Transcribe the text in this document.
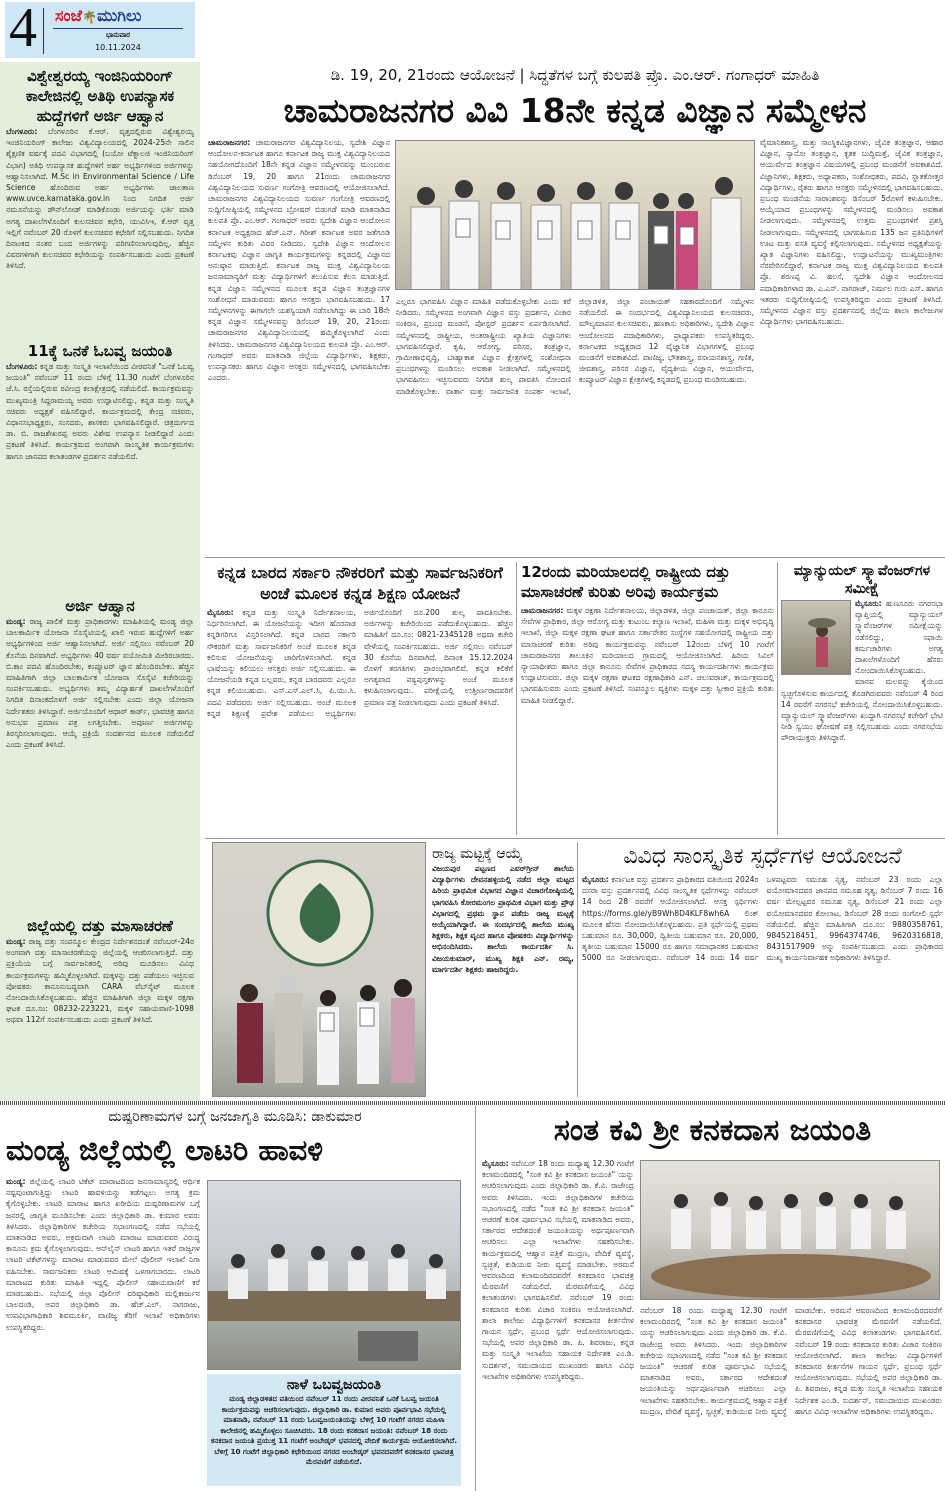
4 ಸಂಜೆ🌴ಮುಗಿಲು
ಭಾನುವಾರ
10.11.2024
ವಿಶ್ವೇಶ್ವರಯ್ಯ ಇಂಜಿನಿಯರಿಂಗ್ ಕಾಲೇಜಿನಲ್ಲಿ ಅತಿಥಿ ಉಪನ್ಯಾಸಕ ಹುದ್ದೆಗಳಿಗೆ ಅರ್ಜಿ ಆಹ್ವಾನ

ಬೆಂಗಳೂರು: ಬೆಂಗಳೂರಿನ ಕೆ.ಆರ್. ವೃತ್ತದಲ್ಲಿರುವ ವಿಶ್ವೇಶ್ವರಯ್ಯ ಇಂಜಿನಿಯರಿಂಗ್ ಕಾಲೇಜು ವಿಶ್ವವಿದ್ಯಾಲಯದಲ್ಲಿ 2024-25ನೇ ಸಾಲಿನ ಶೈಕ್ಷಣಿಕ ವರ್ಷಕ್ಕೆ ಪದವಿ ವಿಭಾಗದಲ್ಲಿ (ಬಯೋ ಟೆಕ್ನಾಲಜಿ ಇಂಜಿನಿಯರಿಂಗ್ ವಿಭಾಗ) ಅತಿಥಿ ಉಪನ್ಯಾಸಕ ಹುದ್ದೆಗಳಿಗೆ ಅರ್ಹ ಅಭ್ಯರ್ಥಿಗಳಿಂದ ಅರ್ಜಿಗಳನ್ನು ಆಹ್ವಾನಿಸಲಾಗಿದೆ. M.Sc in Environmental Science / Life Science ಹೊಂದಿರುವ ಅರ್ಹ ಅಭ್ಯರ್ಥಿಗಳು ಜಾಲತಾಣ www.uvce.karnataka.gov.in ನಿಂದ ನಿಗದಿತ ಅರ್ಜಿ ನಮೂನೆಯನ್ನು ಡೌನ್‍ಲೋಡ್ ಮಾಡಿಕೊಂಡು ಅರ್ಜಿಯನ್ನು ಭರ್ತಿ ಮಾಡಿ ಅಗತ್ಯ ದಾಖಲೆಗಳೊಂದಿಗೆ ಕುಲಸಚಿವರ ಕಛೇರಿ, ಯುವಿಸಿಇ, ಕೆ.ಆರ್ ವೃತ್ತ ಇಲ್ಲಿಗೆ ನವೆಂಬರ್ 20 ರೊಳಗೆ ಕುಲಸಚಿವರ ಕಛೇರಿಗೆ ಸಲ್ಲಿಸಬಹುದು. ನಿಗದಿತ ದಿನಾಂಕದ ನಂತರ ಬಂದ ಅರ್ಜಿಗಳನ್ನು ಪರಿಗಣಿಸಲಾಗುವುದಿಲ್ಲ. ಹೆಚ್ಚಿನ ವಿವರಗಳಿಗಾಗಿ ಕುಲಸಚಿವರ ಕಛೇರಿಯನ್ನು ಸಂಪರ್ಕಿಸಬಹುದು ಎಂದು ಪ್ರಕಟಣೆ ತಿಳಿಸಿದೆ.

11ಕ್ಕೆ ಒನಕೆ ಓಬವ್ವ ಜಯಂತಿ

ಬೆಂಗಳೂರು: ಕನ್ನಡ ಮತ್ತು ಸಂಸ್ಕೃತಿ ಇಲಾಖೆಯಿಂದ ವೀರವನಿತೆ "ಒನಕೆ ಓಬವ್ವ ಜಯಂತಿ" ನವೆಂಬರ್ 11 ರಂದು ಬೆಳಿಗ್ಗೆ 11.30 ಗಂಟೆಗೆ ಬೆಂಗಳೂರಿನ ಜೆ.ಸಿ. ರಸ್ತೆಯಲ್ಲಿರುವ ರವೀಂದ್ರ ಕಲಾಕ್ಷೇತ್ರದಲ್ಲಿ ನಡೆಯಲಿದೆ. ಕಾರ್ಯಕ್ರಮವನ್ನು ಮುಖ್ಯಮಂತ್ರಿ ಸಿದ್ದರಾಮಯ್ಯ ಅವರು ಉದ್ಘಾಟಿಸಲಿದ್ದು, ಕನ್ನಡ ಮತ್ತು ಸಂಸ್ಕೃತಿ ಸಚಿವರು ಅಧ್ಯಕ್ಷತೆ ವಹಿಸಲಿದ್ದಾರೆ. ಕಾರ್ಯಕ್ರಮದಲ್ಲಿ ಕೇಂದ್ರ ಸಚಿವರು, ವಿಧಾನಸಭಾಧ್ಯಕ್ಷರು, ಸಂಸದರು, ಶಾಸಕರು ಭಾಗವಹಿಸಲಿದ್ದಾರೆ. ಚಿತ್ರದುರ್ಗದ ಡಾ. ಬಿ. ರಾಜಶೇಖರಪ್ಪ ಅವರು ವಿಶೇಷ ಉಪನ್ಯಾಸ ನೀಡಲಿದ್ದಾರೆ ಎಂದು ಪ್ರಕಟಣೆ ತಿಳಿಸಿದೆ. ಕಾರ್ಯಕ್ರಮದ ಅಂಗವಾಗಿ ಸಾಂಸ್ಕೃತಿಕ ಕಾರ್ಯಕ್ರಮಗಳು ಹಾಗೂ ಜಾನಪದ ಕಲಾತಂಡಗಳ ಪ್ರದರ್ಶನ ನಡೆಯಲಿದೆ.

ಅರ್ಜಿ ಆಹ್ವಾನ

ಮಂಡ್ಯ: ರಾಜ್ಯ ಪಾಲಿಕೆ ಮತ್ತು ಪ್ರಾಧಿಕಾರಗಳು ಮಾಹಿತಿಯಲ್ಲಿ ಮಂಡ್ಯ ಜಿಲ್ಲಾ ಬಾಲಕಾರ್ಮಿಕ ಯೋಜನಾ ಸೊಸೈಟಿಯಲ್ಲಿ ಖಾಲಿ ಇರುವ ಹುದ್ದೆಗಳಿಗೆ ಅರ್ಹ ಅಭ್ಯರ್ಥಿಗಳಿಂದ ಅರ್ಜಿ ಆಹ್ವಾನಿಸಲಾಗಿದೆ. ಅರ್ಜಿ ಸಲ್ಲಿಸಲು ನವೆಂಬರ್ 20 ಕೊನೆಯ ದಿನವಾಗಿದೆ. ಅಭ್ಯರ್ಥಿಗಳು 40 ವರ್ಷ ವಯೋಮಿತಿ ಮೀರಿರಬಾರದು. ಬಿ.ಕಾಂ ಪದವಿ ಹೊಂದಿರಬೇಕು, ಕಂಪ್ಯೂಟರ್ ಜ್ಞಾನ ಹೊಂದಿರಬೇಕು. ಹೆಚ್ಚಿನ ಮಾಹಿತಿಗಾಗಿ ಜಿಲ್ಲಾ ಬಾಲಕಾರ್ಮಿಕ ಯೋಜನಾ ಸೊಸೈಟಿ ಕಚೇರಿಯನ್ನು ಸಂಪರ್ಕಿಸಬಹುದು. ಅಭ್ಯರ್ಥಿಗಳು ತಮ್ಮ ವಿದ್ಯಾರ್ಹತೆ ದಾಖಲೆಗಳೊಂದಿಗೆ ನಿಗದಿತ ದಿನಾಂಕದೊಳಗೆ ಅರ್ಜಿ ಸಲ್ಲಿಸಬೇಕು ಎಂದು ಜಿಲ್ಲಾ ಯೋಜನಾ ನಿರ್ದೇಶಕರು ತಿಳಿಸಿದ್ದಾರೆ. ಅರ್ಜಿಯೊಂದಿಗೆ ಆಧಾರ್ ಕಾರ್ಡ್, ಭಾವಚಿತ್ರ ಹಾಗೂ ಅನುಭವ ಪ್ರಮಾಣ ಪತ್ರ ಲಗತ್ತಿಸಬೇಕು. ಅಪೂರ್ಣ ಅರ್ಜಿಗಳನ್ನು ತಿರಸ್ಕರಿಸಲಾಗುವುದು. ಆಯ್ಕೆ ಪ್ರಕ್ರಿಯೆ ಸಂದರ್ಶನದ ಮೂಲಕ ನಡೆಯಲಿದೆ ಎಂದು ಪ್ರಕಟಣೆ ತಿಳಿಸಿದೆ.

ಜಿಲ್ಲೆಯಲ್ಲಿ ದತ್ತು ಮಾಸಾಚರಣೆ

ಮಂಡ್ಯ: ರಾಜ್ಯ ದತ್ತು ಸಂಪನ್ಮೂಲ ಕೇಂದ್ರದ ನಿರ್ದೇಶನದಂತೆ ನವೆಂಬರ್-24ರ ಅಂಗವಾಗಿ ದತ್ತು ಮಾಸಾಚರಣೆಯನ್ನು ಜಿಲ್ಲೆಯಲ್ಲಿ ಆಚರಿಸಲಾಗುತ್ತಿದೆ. ದತ್ತು ಪ್ರಕ್ರಿಯೆಯ ಬಗ್ಗೆ ಸಾರ್ವಜನಿಕರಲ್ಲಿ ಅರಿವು ಮೂಡಿಸಲು ವಿವಿಧ ಕಾರ್ಯಕ್ರಮಗಳನ್ನು ಹಮ್ಮಿಕೊಳ್ಳಲಾಗಿದೆ. ಮಕ್ಕಳನ್ನು ದತ್ತು ಪಡೆಯಲು ಇಚ್ಛಿಸುವ ಪೋಷಕರು ಕಾನೂನುಬದ್ಧವಾಗಿ CARA ವೆಬ್‍ಸೈಟ್ ಮೂಲಕ ನೋಂದಾಯಿಸಿಕೊಳ್ಳಬಹುದು. ಹೆಚ್ಚಿನ ಮಾಹಿತಿಗಾಗಿ ಜಿಲ್ಲಾ ಮಕ್ಕಳ ರಕ್ಷಣಾ ಘಟಕ ದೂ.ಸಂ: 08232-223221, ಮಕ್ಕಳ ಸಹಾಯವಾಣಿ-1098 ಅಥವಾ 112ಗೆ ಸಂಪರ್ಕಿಸಬಹುದು ಎಂದು ಪ್ರಕಟಣೆ ತಿಳಿಸಿದೆ.

ಡಿ. 19, 20, 21ರಂದು ಆಯೋಜನೆ | ಸಿದ್ಧತೆಗಳ ಬಗ್ಗೆ ಕುಲಪತಿ ಪ್ರೊ. ಎಂ.ಆರ್. ಗಂಗಾಧರ್ ಮಾಹಿತಿ
ಚಾಮರಾಜನಗರ ವಿವಿ 18ನೇ ಕನ್ನಡ ವಿಜ್ಞಾನ ಸಮ್ಮೇಳನ
ಚಾಮರಾಜನಗರ: ಚಾಮರಾಜನಗರ ವಿಶ್ವವಿದ್ಯಾನಿಲಯ, ಸ್ವದೇಶಿ ವಿಜ್ಞಾನ ಆಂದೋಲನ-ಕರ್ನಾಟಕ ಹಾಗೂ ಕರ್ನಾಟಕ ರಾಜ್ಯ ಮುಕ್ತ ವಿಶ್ವವಿದ್ಯಾನಿಲಯದ ಸಹಯೋಗದೊಂದಿಗೆ 18ನೇ ಕನ್ನಡ ವಿಜ್ಞಾನ ಸಮ್ಮೇಳನವನ್ನು ಮುಂಬರುವ ಡಿಸೆಂಬರ್ 19, 20 ಹಾಗೂ 21ರಂದು ಚಾಮರಾಜನಗರ ವಿಶ್ವವಿದ್ಯಾನಿಲಯದ ಸುವರ್ಣ ಗಂಗೋತ್ರಿ ಆವರಣದಲ್ಲಿ ಆಯೋಜಿಸಲಾಗಿದೆ. ಚಾಮರಾಜನಗರ ವಿಶ್ವವಿದ್ಯಾನಿಲಯದ ಸುವರ್ಣ ಗಂಗೋತ್ರಿ ಆವರಣದಲ್ಲಿ ಸುದ್ದಿಗೋಷ್ಠಿಯಲ್ಲಿ ಸಮ್ಮೇಳನದ ಬ್ರೋಷರ್ ಬಿಡುಗಡೆ ಮಾಡಿ ಮಾತನಾಡಿದ ಕುಲಪತಿ ಪ್ರೊ. ಎಂ.ಆರ್. ಗಂಗಾಧರ್ ಅವರು ಸ್ವದೇಶಿ ವಿಜ್ಞಾನ ಆಂದೋಲನ ಕರ್ನಾಟಕ ಅಧ್ಯಕ್ಷರಾದ ಹೆಚ್.ಎನ್. ಗಿರೀಶ್ ಕರ್ನಾಟಕ ಅವರ ಜತೆಗೂಡಿ ಸಮ್ಮೇಳನ ಕುರಿತು ವಿವರ ನೀಡಿದರು. ಸ್ವದೇಶಿ ವಿಜ್ಞಾನ ಆಂದೋಲನ ಕರ್ನಾಟಕವು ವಿಜ್ಞಾನ ಜಾಗೃತಿ ಕಾರ್ಯಕ್ರಮಗಳನ್ನು ಕನ್ನಡದಲ್ಲಿ ವಿಜ್ಞಾನದ ಅನುಷ್ಠಾನ ಮಾಡುತ್ತಿದೆ. ಕರ್ನಾಟಕ ರಾಜ್ಯ ಮುಕ್ತ ವಿಶ್ವವಿದ್ಯಾನಿಲಯ ಜನಸಾಮಾನ್ಯರಿಗೆ ಮತ್ತು ವಿದ್ಯಾರ್ಥಿಗಳಿಗೆ ತಲುಪಿಸುವ ಕೆಲಸ ಮಾಡುತ್ತಿದೆ. ಕನ್ನಡ ವಿಜ್ಞಾನ ಸಮ್ಮೇಳನದ ಮೂಲಕ ಕನ್ನಡ ವಿಜ್ಞಾನ ತಂತ್ರಜ್ಞಾನಗಳ ಸಂಶೋಧನೆ ಮಾಡುವವರು ಹಾಗೂ ಆಸಕ್ತರು ಭಾಗವಹಿಸಬಹುದು. 17 ಸಮ್ಮೇಳನಗಳನ್ನು ಈಗಾಗಲೇ ಯಶಸ್ವಿಯಾಗಿ ನಡೆಸಲಾಗಿದ್ದು ಈ ಬಾರಿ 18ನೇ ಕನ್ನಡ ವಿಜ್ಞಾನ ಸಮ್ಮೇಳನವನ್ನು ಡಿಸೆಂಬರ್ 19, 20, 21ರಂದು ಚಾಮರಾಜನಗರ ವಿಶ್ವವಿದ್ಯಾನಿಲಯದಲ್ಲಿ ಹಮ್ಮಿಕೊಳ್ಳಲಾಗಿದೆ ಎಂದು ತಿಳಿಸಿದರು. ಚಾಮರಾಜನಗರ ವಿಶ್ವವಿದ್ಯಾನಿಲಯದ ಕುಲಪತಿ ಪ್ರೊ. ಎಂ.ಆರ್. ಗಂಗಾಧರ್ ಅವರು ಮಾತನಾಡಿ ಜಿಲ್ಲೆಯ ವಿದ್ಯಾರ್ಥಿಗಳು, ಶಿಕ್ಷಕರು, ಉಪನ್ಯಾಸಕರು ಹಾಗೂ ವಿಜ್ಞಾನ ಆಸಕ್ತರು ಸಮ್ಮೇಳನದಲ್ಲಿ ಭಾಗವಹಿಸಬೇಕು ಎಂದರು.
ಎಲ್ಲರೂ ಭಾಗವಹಿಸಿ ವಿಜ್ಞಾನ ಮಾಹಿತಿ ಪಡೆದುಕೊಳ್ಳಬೇಕು ಎಂದು ಕರೆ ನೀಡಿದರು. ಸಮ್ಮೇಳನದ ಅಂಗವಾಗಿ ವಿಜ್ಞಾನ ವಸ್ತು ಪ್ರದರ್ಶನ, ವಿಚಾರ ಸಂಕಿರಣ, ಪ್ರಬಂಧ ಮಂಡನೆ, ಪೋಸ್ಟರ್ ಪ್ರದರ್ಶನ ಏರ್ಪಡಿಸಲಾಗಿದೆ. ಸಮ್ಮೇಳನದಲ್ಲಿ ರಾಷ್ಟ್ರೀಯ, ಅಂತರಾಷ್ಟ್ರೀಯ ಖ್ಯಾತಿಯ ವಿಜ್ಞಾನಿಗಳು ಭಾಗವಹಿಸಲಿದ್ದಾರೆ. ಕೃಷಿ, ಆರೋಗ್ಯ, ಪರಿಸರ, ತಂತ್ರಜ್ಞಾನ, ಗ್ರಾಮೀಣಾಭಿವೃದ್ಧಿ, ಬಾಹ್ಯಾಕಾಶ ವಿಜ್ಞಾನ ಕ್ಷೇತ್ರಗಳಲ್ಲಿ ಸಂಶೋಧನಾ ಪ್ರಬಂಧಗಳನ್ನು ಮಂಡಿಸಲು ಅವಕಾಶ ನೀಡಲಾಗಿದೆ. ಸಮ್ಮೇಳನದಲ್ಲಿ ಭಾಗವಹಿಸಲು ಇಚ್ಛಿಸುವವರು ನಿಗದಿತ ಶುಲ್ಕ ಪಾವತಿಸಿ ನೋಂದಣಿ ಮಾಡಿಕೊಳ್ಳಬೇಕು. ವಾರ್ತಾ ಮತ್ತು ಸಾರ್ವಜನಿಕ ಸಂಪರ್ಕ ಇಲಾಖೆ, ಜಿಲ್ಲಾಡಳಿತ, ಜಿಲ್ಲಾ ಪಂಚಾಯತ್ ಸಹಕಾರದೊಂದಿಗೆ ಸಮ್ಮೇಳನ ನಡೆಯಲಿದೆ. ಈ ಸಂದರ್ಭದಲ್ಲಿ ವಿಶ್ವವಿದ್ಯಾನಿಲಯದ ಕುಲಸಚಿವರು, ಮೌಲ್ಯಮಾಪನ ಕುಲಸಚಿವರು, ಹಣಕಾಸು ಅಧಿಕಾರಿಗಳು, ಸ್ವದೇಶಿ ವಿಜ್ಞಾನ ಆಂದೋಲನದ ಪದಾಧಿಕಾರಿಗಳು, ಪ್ರಾಧ್ಯಾಪಕರು ಉಪಸ್ಥಿತರಿದ್ದರು. ಕರ್ನಾಟಕದ ಅಧ್ಯಕ್ಷರಾದ 12 ವೈಜ್ಞಾನಿಕ ವಿಭಾಗಗಳಲ್ಲಿ ಪ್ರಬಂಧ ಮಂಡನೆಗೆ ಅವಕಾಶವಿದೆ. ವಾಣಿಜ್ಯ, ಭೌತಶಾಸ್ತ್ರ, ರಸಾಯನಶಾಸ್ತ್ರ, ಗಣಿತ, ಜೀವಶಾಸ್ತ್ರ, ಪರಿಸರ ವಿಜ್ಞಾನ, ವೈದ್ಯಕೀಯ ವಿಜ್ಞಾನ, ಆಯುರ್ವೇದ, ಕಂಪ್ಯೂಟರ್ ವಿಜ್ಞಾನ ಕ್ಷೇತ್ರಗಳಲ್ಲಿ ಕನ್ನಡದಲ್ಲಿ ಪ್ರಬಂಧ ಮಂಡಿಸಬಹುದು.
ವೈಮಾನಿಕಶಾಸ್ತ್ರ, ಮತ್ತು ಸಾಂಸ್ಥಿಕವಿಜ್ಞಾನಗಳು, ಜೈವಿಕ ತಂತ್ರಜ್ಞಾನ, ಆಹಾರ ವಿಜ್ಞಾನ, ನ್ಯಾನೋ ತಂತ್ರಜ್ಞಾನ, ಕೃತಕ ಬುದ್ಧಿಮತ್ತೆ, ಜೈವಿಕ ತಂತ್ರಜ್ಞಾನ, ಆಯುರ್ವೇದ ತಂತ್ರಜ್ಞಾನ ವಿಷಯಗಳಲ್ಲಿ ಪ್ರಬಂಧ ಮಂಡನೆಗೆ ಅವಕಾಶವಿದೆ. ವಿಜ್ಞಾನಿಗಳು, ಶಿಕ್ಷಕರು, ಅಧ್ಯಾಪಕರು, ಸಂಶೋಧಕರು, ಪದವಿ, ಸ್ನಾತಕೋತ್ತರ ವಿದ್ಯಾರ್ಥಿಗಳು, ರೈತರು ಹಾಗೂ ಆಸಕ್ತರು ಸಮ್ಮೇಳನದಲ್ಲಿ ಭಾಗವಹಿಸಬಹುದು. ಪ್ರಬಂಧ ಮಂಡನೆಯ ಸಾರಾಂಶವನ್ನು ಡಿಸೆಂಬರ್ 5ರೊಳಗೆ ಕಳುಹಿಸಬೇಕು. ಆಯ್ಕೆಯಾದ ಪ್ರಬಂಧಗಳನ್ನು ಸಮ್ಮೇಳನದಲ್ಲಿ ಮಂಡಿಸಲು ಅವಕಾಶ ನೀಡಲಾಗುವುದು. ಸಮ್ಮೇಳನದಲ್ಲಿ ಉತ್ತಮ ಪ್ರಬಂಧಗಳಿಗೆ ಪ್ರಶಸ್ತಿ ನೀಡಲಾಗುವುದು. ಸಮ್ಮೇಳನದಲ್ಲಿ ಭಾಗವಹಿಸುವ 135 ಜನ ಪ್ರತಿನಿಧಿಗಳಿಗೆ ಊಟ ಮತ್ತು ವಸತಿ ವ್ಯವಸ್ಥೆ ಕಲ್ಪಿಸಲಾಗುವುದು. ಸಮ್ಮೇಳನದ ಅಧ್ಯಕ್ಷತೆಯನ್ನು ಖ್ಯಾತ ವಿಜ್ಞಾನಿಗಳು ವಹಿಸಲಿದ್ದು, ಉದ್ಘಾಟನೆಯನ್ನು ಮುಖ್ಯಮಂತ್ರಿಗಳು ನೆರವೇರಿಸಲಿದ್ದಾರೆ. ಕರ್ನಾಟಕ ರಾಜ್ಯ ಮುಕ್ತ ವಿಶ್ವವಿದ್ಯಾನಿಲಯದ ಕುಲಪತಿ ಪ್ರೊ. ಶರಣಪ್ಪ ವಿ. ಹಲಸೆ, ಸ್ವದೇಶಿ ವಿಜ್ಞಾನ ಆಂದೋಲನದ ಪದಾಧಿಕಾರಿಗಳಾದ ಡಾ. ಎ.ಎಸ್. ನಾಗರಾಜ್, ನಿರ್ಮಲ ಗುರು ಎಸ್. ಹಾಗೂ ಇತರರು ಸುದ್ದಿಗೋಷ್ಠಿಯಲ್ಲಿ ಉಪಸ್ಥಿತರಿದ್ದರು ಎಂದು ಪ್ರಕಟಣೆ ತಿಳಿಸಿದೆ. ಸಮ್ಮೇಳನದ ವಿಜ್ಞಾನ ವಸ್ತು ಪ್ರದರ್ಶನದಲ್ಲಿ ಜಿಲ್ಲೆಯ ಶಾಲಾ ಕಾಲೇಜುಗಳ ವಿದ್ಯಾರ್ಥಿಗಳು ಭಾಗವಹಿಸಬಹುದು.
ಕನ್ನಡ ಬಾರದ ಸರ್ಕಾರಿ ನೌಕರರಿಗೆ ಮತ್ತು ಸಾರ್ವಜನಿಕರಿಗೆ ಅಂಚೆ ಮೂಲಕ ಕನ್ನಡ ಶಿಕ್ಷಣ ಯೋಜನೆ

ಮೈಸೂರು: ಕನ್ನಡ ಮತ್ತು ಸಂಸ್ಕೃತಿ ನಿರ್ದೇಶನಾಲಯ, ನಿರ್ಧರಿಸಲಾಗಿದೆ. ಈ ಯೋಜನೆಯನ್ನು ಇದೀಗ ಹೊರನಾಡ ಕನ್ನಡಿಗರಿಗೂ ವಿಸ್ತರಿಸಲಾಗಿದೆ. ಕನ್ನಡ ಬಾರದ ಸರ್ಕಾರಿ ನೌಕರರಿಗೆ ಮತ್ತು ಸಾರ್ವಜನಿಕರಿಗೆ ಅಂಚೆ ಮೂಲಕ ಕನ್ನಡ ಕಲಿಸುವ ಯೋಜನೆಯನ್ನು ಜಾರಿಗೊಳಿಸಲಾಗಿದೆ. ಕನ್ನಡ ಭಾಷೆಯನ್ನು ಕಲಿಯಲು ಆಸಕ್ತರು ಅರ್ಜಿ ಸಲ್ಲಿಸಬಹುದು. ಈ ಯೋಜನೆಯಡಿ ಕನ್ನಡ ಬಲ್ಲವರು, ಕನ್ನಡ ಬಾರದವರು ಎಲ್ಲರೂ ಕನ್ನಡ ಕಲಿಯಬಹುದು. ಎಸ್.ಎಸ್.ಎಲ್.ಸಿ, ಪಿ.ಯು.ಸಿ. ಪದವಿ ಪಡೆದವರು ಅರ್ಜಿ ಸಲ್ಲಿಸಬಹುದು. ಅಂಚೆ ಮೂಲಕ ಕನ್ನಡ ಶಿಕ್ಷಣಕ್ಕೆ ಪ್ರವೇಶ ಪಡೆಯಲು ಅಭ್ಯರ್ಥಿಗಳು ಅರ್ಜಿಯೊಂದಿಗೆ ರೂ.200 ಶುಲ್ಕ ಪಾವತಿಸಬೇಕು. ಅರ್ಜಿಗಳನ್ನು ಕಚೇರಿಯಿಂದ ಪಡೆದುಕೊಳ್ಳಬಹುದು. ಹೆಚ್ಚಿನ ಮಾಹಿತಿಗೆ ದೂ.ಸಂ: 0821-2345128 ಅಥವಾ ಕಚೇರಿ ವೇಳೆಯಲ್ಲಿ ಸಂಪರ್ಕಿಸಬಹುದು. ಅರ್ಜಿ ಸಲ್ಲಿಸಲು ನವೆಂಬರ್ 30 ಕೊನೆಯ ದಿನವಾಗಿದೆ. ದಿನಾಂಕ 15.12.2024 ರೊಳಗೆ ತರಗತಿಗಳು ಪ್ರಾರಂಭವಾಗಲಿವೆ. ಕನ್ನಡ ಕಲಿಕೆಗೆ ಅಗತ್ಯವಾದ ಪಠ್ಯಪುಸ್ತಕಗಳನ್ನು ಅಂಚೆ ಮೂಲಕ ಕಳುಹಿಸಲಾಗುವುದು. ಪರೀಕ್ಷೆಯಲ್ಲಿ ಉತ್ತೀರ್ಣರಾದವರಿಗೆ ಪ್ರಮಾಣ ಪತ್ರ ನೀಡಲಾಗುವುದು ಎಂದು ಪ್ರಕಟಣೆ ತಿಳಿಸಿದೆ.

12ರಂದು ಮರಿಯಾಲದಲ್ಲಿ ರಾಷ್ಟ್ರೀಯ ದತ್ತು ಮಾಸಾಚರಣೆ ಕುರಿತು ಅರಿವು ಕಾರ್ಯಕ್ರಮ

ಚಾಮರಾಜನಗರ: ಮಕ್ಕಳ ರಕ್ಷಣಾ ನಿರ್ದೇಶನಾಲಯ, ಜಿಲ್ಲಾಡಳಿತ, ಜಿಲ್ಲಾ ಪಂಚಾಯತ್, ಜಿಲ್ಲಾ ಕಾನೂನು ಸೇವೆಗಳ ಪ್ರಾಧಿಕಾರ, ಜಿಲ್ಲಾ ಆರೋಗ್ಯ ಮತ್ತು ಕುಟುಂಬ ಕಲ್ಯಾಣ ಇಲಾಖೆ, ಮಹಿಳಾ ಮತ್ತು ಮಕ್ಕಳ ಅಭಿವೃದ್ಧಿ ಇಲಾಖೆ, ಜಿಲ್ಲಾ ಮಕ್ಕಳ ರಕ್ಷಣಾ ಘಟಕ ಹಾಗೂ ಸರ್ಕಾರೇತರ ಸಂಸ್ಥೆಗಳ ಸಹಯೋಗದಲ್ಲಿ ರಾಷ್ಟ್ರೀಯ ದತ್ತು ಮಾಸಾಚರಣೆ ಕುರಿತು ಅರಿವು ಕಾರ್ಯಕ್ರಮವನ್ನು ನವೆಂಬರ್ 12ರಂದು ಬೆಳಿಗ್ಗೆ 10 ಗಂಟೆಗೆ ಚಾಮರಾಜನಗರ ತಾಲೂಕಿನ ಮರಿಯಾಲದ ಗ್ರಾಮದಲ್ಲಿ ಆಯೋಜಿಸಲಾಗಿದೆ. ಹಿರಿಯ ಸಿವಿಲ್ ನ್ಯಾಯಾಧೀಶರು ಹಾಗೂ ಜಿಲ್ಲಾ ಕಾನೂನು ಸೇವೆಗಳ ಪ್ರಾಧಿಕಾರದ ಸದಸ್ಯ ಕಾರ್ಯದರ್ಶಿಗಳು ಕಾರ್ಯಕ್ರಮ ಉದ್ಘಾಟಿಸುವರು. ಜಿಲ್ಲಾ ಮಕ್ಕಳ ರಕ್ಷಣಾ ಘಟಕದ ರಕ್ಷಣಾಧಿಕಾರಿ ಎನ್. ಚಲುವರಾಜ್, ಕಾರ್ಯಕ್ರಮದಲ್ಲಿ ಭಾಗವಹಿಸುವರು ಎಂದು ಪ್ರಕಟಣೆ ತಿಳಿಸಿದೆ. ಸಂಪನ್ಮೂಲ ವ್ಯಕ್ತಿಗಳು ಮಕ್ಕಳ ದತ್ತು ಸ್ವೀಕಾರ ಪ್ರಕ್ರಿಯೆ ಕುರಿತು ಮಾಹಿತಿ ನೀಡಲಿದ್ದಾರೆ.

ಮ್ಯಾನ್ಯುಯಲ್ ಸ್ಕ್ಯಾವೆಂಜರ್‌ಗಳ ಸಮೀಕ್ಷೆ

ಮೈಸೂರು: ಹುಣಸೂರು ನಗರಸಭಾ ವ್ಯಾಪ್ತಿಯಲ್ಲಿ ಮ್ಯಾನ್ಯುಯಲ್ ಸ್ಕ್ಯಾವೆಂಜರ್‌ಗಳ ಸಮೀಕ್ಷೆಯನ್ನು ನಡೆಸಲಿದ್ದು, ಸಫಾಯಿ ಕರ್ಮಚಾರಿಗಳು ಅಗತ್ಯ ದಾಖಲೆಗಳೊಂದಿಗೆ ಹೆಸರು ನೋಂದಾಯಿಸಿಕೊಳ್ಳಬಹುದು. ಮಾನವ ಮಲವನ್ನು ಕೈಯಿಂದ ಸ್ವಚ್ಛಗೊಳಿಸುವ ಕಾರ್ಯದಲ್ಲಿ ತೊಡಗಿರುವವರು ನವೆಂಬರ್ 4 ರಿಂದ 14 ರವರೆಗೆ ನಗರಸಭೆ ಕಚೇರಿಯಲ್ಲಿ ನೋಂದಾಯಿಸಿಕೊಳ್ಳಬಹುದು. ಮ್ಯಾನ್ಯುಯಲ್ ಸ್ಕ್ಯಾವೆಂಜರ್‌ಗಳು ಖುದ್ದಾಗಿ ನಗರಸಭೆ ಕಚೇರಿಗೆ ಭೇಟಿ ನೀಡಿ ಸ್ವಯಂ ಘೋಷಣೆ ಪತ್ರ ಸಲ್ಲಿಸಬಹುದು ಎಂದು ನಗರಸಭೆಯ ಪೌರಾಯುಕ್ತರು ತಿಳಿಸಿದ್ದಾರೆ.

ರಾಜ್ಯ ಮಟ್ಟಕ್ಕೆ ಆಯ್ಕೆ

ವಿಜಯಪುರ ಪಟ್ಟಣದ ಎವರ್‌ಗ್ರೀನ್ ಶಾಲೆಯ ವಿದ್ಯಾರ್ಥಿಗಳು ದೇವನಹಳ್ಳಿಯಲ್ಲಿ ನಡೆದ ಜಿಲ್ಲಾ ಮಟ್ಟದ ಹಿರಿಯ ಪ್ರಾಥಮಿಕ ವಿಭಾಗದ ವಿಜ್ಞಾನ ವಿಚಾರಗೋಷ್ಠಿಯಲ್ಲಿ ಭಾಗವಹಿಸಿ ಕೋರಮಂಗಲ ಪ್ರಾಥಮಿಕ ವಿಭಾಗ ಮತ್ತು ಪ್ರೌಢ ವಿಭಾಗದಲ್ಲಿ ಪ್ರಥಮ ಸ್ಥಾನ ಪಡೆದು ರಾಜ್ಯ ಮಟ್ಟಕ್ಕೆ ಆಯ್ಕೆಯಾಗಿದ್ದಾರೆ. ಈ ಸಂದರ್ಭದಲ್ಲಿ ಶಾಲೆಯ ಮುಖ್ಯ ಶಿಕ್ಷಕರು, ಶಿಕ್ಷಕ ವೃಂದ ಹಾಗೂ ಪೋಷಕರು ವಿದ್ಯಾರ್ಥಿಗಳನ್ನು ಅಭಿನಂದಿಸಿದರು. ಶಾಲೆಯ ಕಾರ್ಯದರ್ಶಿ ಸಿ. ವಿಜಯಕುಮಾರ್, ಮುಖ್ಯ ಶಿಕ್ಷಕಿ ಎನ್. ರಮ್ಯ, ಮಾರ್ಗದರ್ಶಿ ಶಿಕ್ಷಕರು ಹಾಜರಿದ್ದರು.

ವಿವಿಧ ಸಾಂಸ್ಕೃತಿಕ ಸ್ಪರ್ಧೆಗಳ ಆಯೋಜನೆ

ಮೈಸೂರು: ಕರ್ನಾಟಕ ವಸ್ತು ಪ್ರದರ್ಶನ ಪ್ರಾಧಿಕಾರದ ವತಿಯಿಂದ 2024ರ ದಸರಾ ವಸ್ತು ಪ್ರದರ್ಶನದಲ್ಲಿ ವಿವಿಧ ಸಾಂಸ್ಕೃತಿಕ ಸ್ಪರ್ಧೆಗಳನ್ನು ನವೆಂಬರ್ 14 ರಿಂದ 28 ರವರೆಗೆ ಆಯೋಜಿಸಲಾಗಿದೆ. ಆಸಕ್ತ ಸ್ಪರ್ಧಿಗಳು https://forms.gle/yB9Wh8D4KLF8wh6A ಲಿಂಕ್ ಮೂಲಕ ಹೆಸರು ನೋಂದಾಯಿಸಿಕೊಳ್ಳಬಹುದು. ಪ್ರತಿ ಸ್ಪರ್ಧೆಯಲ್ಲಿ ಪ್ರಥಮ ಬಹುಮಾನ ರೂ. 30,000, ದ್ವಿತೀಯ ಬಹುಮಾನ ರೂ. 20,000, ತೃತೀಯ ಬಹುಮಾನ 15000 ರೂ ಹಾಗೂ ಸಮಾಧಾನಕರ ಬಹುಮಾನ 5000 ರೂ ನೀಡಲಾಗುವುದು. ನವೆಂಬರ್ 14 ರಂದು 14 ವರ್ಷ ಒಳಪಟ್ಟವರು ಸಮೂಹ ನೃತ್ಯ, ನವೆಂಬರ್ 23 ರಂದು ಎಲ್ಲಾ ವಯೋಮಾನದವರ ಜಾನಪದ ಸಮೂಹ ನೃತ್ಯ, ಡಿಸೆಂಬರ್ 7 ರಂದು 16 ವರ್ಷ ಮೇಲ್ಪಟ್ಟವರ ಸಮೂಹ ನೃತ್ಯ, ಡಿಸೆಂಬರ್ 21 ರಂದು ಎಲ್ಲಾ ವಯೋಮಾನದವರ ಕೋಲಾಟ, ಡಿಸೆಂಬರ್ 28 ರಂದು ರಂಗೋಲಿ ಸ್ಪರ್ಧೆ ನಡೆಯಲಿದೆ. ಹೆಚ್ಚಿನ ಮಾಹಿತಿಗಾಗಿ ದೂ.ಸಂ: 9880358761, 9845218451, 9964374746, 9620316818, 8431517909 ಅನ್ನು ಸಂಪರ್ಕಿಸಬಹುದು ಎಂದು ಪ್ರಾಧಿಕಾರದ ಮುಖ್ಯ ಕಾರ್ಯನಿರ್ವಾಹಕ ಅಧಿಕಾರಿಗಳು ತಿಳಿಸಿದ್ದಾರೆ.

ದುಷ್ಪರಿಣಾಮಗಳ ಬಗ್ಗೆ ಜನಜಾಗೃತಿ ಮೂಡಿಸಿ: ಡಾಕುಮಾರ
ಮಂಡ್ಯ ಜಿಲ್ಲೆಯಲ್ಲಿ ಲಾಟರಿ ಹಾವಳಿ
ಮಂಡ್ಯ: ಜಿಲ್ಲೆಯಲ್ಲಿ ಲಾಟರಿ ಟಿಕೆಟ್ ಮಾರಾಟದಿಂದ ಜನಸಾಮಾನ್ಯರಲ್ಲಿ ಆರ್ಥಿಕ ನಷ್ಟವುಂಟಾಗುತ್ತಿದ್ದು ಲಾಟರಿ ಹಾವಳಿಯನ್ನು ತಡೆಗಟ್ಟಲು ಅಗತ್ಯ ಕ್ರಮ ಕೈಗೊಳ್ಳಬೇಕು. ಲಾಟರಿ ಮಾರಾಟ ಹಾಗೂ ಖರೀದಿಯ ದುಷ್ಪರಿಣಾಮಗಳ ಬಗ್ಗೆ ಜನರಲ್ಲಿ ಜಾಗೃತಿ ಮೂಡಿಸಬೇಕು ಎಂದು ಜಿಲ್ಲಾಧಿಕಾರಿ ಡಾ. ಕುಮಾರ ಅವರು ತಿಳಿಸಿದರು. ಜಿಲ್ಲಾಧಿಕಾರಿಗಳ ಕಚೇರಿಯ ಸಭಾಂಗಣದಲ್ಲಿ ನಡೆದ ಸಭೆಯಲ್ಲಿ ಮಾತನಾಡಿದ ಅವರು, ಅಕ್ರಮವಾಗಿ ಲಾಟರಿ ಮಾರಾಟ ಮಾಡುವವರ ವಿರುದ್ಧ ಕಾನೂನು ಕ್ರಮ ಕೈಗೊಳ್ಳಲಾಗುವುದು. ಆನ್‍ಲೈನ್ ಲಾಟರಿ ಹಾಗೂ ಇತರೆ ರಾಜ್ಯಗಳ ಲಾಟರಿ ಟಿಕೆಟ್‍ಗಳನ್ನು ಮಾರಾಟ ಮಾಡುವವರ ಮೇಲೆ ಪೊಲೀಸ್ ಇಲಾಖೆ ನಿಗಾ ವಹಿಸಬೇಕು. ಸಾರ್ವಜನಿಕರು ಲಾಟರಿ ಆಮಿಷಕ್ಕೆ ಒಳಗಾಗಬಾರದು. ಲಾಟರಿ ಮಾರಾಟದ ಕುರಿತು ಮಾಹಿತಿ ಇದ್ದಲ್ಲಿ ಪೊಲೀಸ್ ಸಹಾಯವಾಣಿಗೆ ಕರೆ ಮಾಡಬಹುದು. ಸಭೆಯಲ್ಲಿ ಜಿಲ್ಲಾ ಪೊಲೀಸ್ ವರಿಷ್ಠಾಧಿಕಾರಿ ಮಲ್ಲಿಕಾರ್ಜುನ ಬಾಲದಂಡಿ, ಅಪರ ಜಿಲ್ಲಾಧಿಕಾರಿ ಡಾ. ಹೆಚ್.ಎಲ್. ನಾಗರಾಜು, ಉಪವಿಭಾಗಾಧಿಕಾರಿ ಶಿವಮೂರ್ತಿ, ವಾಣಿಜ್ಯ ತೆರಿಗೆ ಇಲಾಖೆ ಅಧಿಕಾರಿಗಳು ಉಪಸ್ಥಿತರಿದ್ದರು.
ನಾಳೆ ಒಬವ್ವಜಯಂತಿ

ಮಂಡ್ಯ ಜಿಲ್ಲಾಡಳಿತದ ವತಿಯಿಂದ ನವೆಂಬರ್ 11 ರಂದು ವೀರವನಿತೆ ಒನಕೆ ಓಬವ್ವ ಜಯಂತಿ ಕಾರ್ಯಕ್ರಮವನ್ನು ಆಚರಿಸಲಾಗುವುದು. ಜಿಲ್ಲಾಧಿಕಾರಿ ಡಾ. ಕುಮಾರ ಅವರು ಪೂರ್ವಭಾವಿ ಸಭೆಯಲ್ಲಿ ಮಾತನಾಡಿ, ನವೆಂಬರ್ 11 ರಂದು ಓಬವ್ವಜಯಂತಿಯನ್ನು ಬೆಳಿಗ್ಗೆ 10 ಗಂಟೆಗೆ ನಗರದ ಮಹಿಳಾ ಕಾಲೇಜಿನಲ್ಲಿ ಹಮ್ಮಿಕೊಳ್ಳಲು ಸೂಚಿಸಿದರು. 18 ರಂದು ಕನಕದಾಸ ಜಯಂತಿ: ನವೆಂಬರ್ 18 ರಂದು ಕನಕದಾಸ ಜಯಂತಿ ಪ್ರಯುಕ್ತ 11 ಗಂಟೆಗೆ ಅಂಬೇಡ್ಕರ್ ಭವನದಲ್ಲಿ ವೇದಿಕೆ ಕಾರ್ಯಕ್ರಮ ಆಯೋಜಿಸಲಾಗಿದೆ. ಬೆಳಿಗ್ಗೆ 10 ಗಂಟೆಗೆ ಜಿಲ್ಲಾಧಿಕಾರಿ ಕಛೇರಿಯಿಂದ ನಗರದ ಅಂಬೇಡ್ಕರ್ ಭವನದವರೆಗೆ ಕನಕದಾಸರ ಭಾವಚಿತ್ರ ಮೆರವಣಿಗೆ ನಡೆಯಲಿದೆ.

ಸಂತ ಕವಿ ಶ್ರೀ ಕನಕದಾಸ ಜಯಂತಿ
ಮೈಸೂರು: ನವೆಂಬರ್ 18 ರಂದು ಮಧ್ಯಾಹ್ನ 12.30 ಗಂಟೆಗೆ ಕಲಾಮಂದಿರದಲ್ಲಿ "ಸಂತ ಕವಿ ಶ್ರೀ ಕನಕದಾಸ ಜಯಂತಿ" ಯನ್ನು ಆಚರಿಸಲಾಗುವುದು ಎಂದು ಜಿಲ್ಲಾಧಿಕಾರಿ ಡಾ. ಕೆ.ವಿ. ರಾಜೇಂದ್ರ ಅವರು ತಿಳಿಸಿದರು. ಇಂದು ಜಿಲ್ಲಾಧಿಕಾರಿಗಳ ಕಚೇರಿಯ ಸಭಾಂಗಣದಲ್ಲಿ ನಡೆದ "ಸಂತ ಕವಿ ಶ್ರೀ ಕನಕದಾಸ ಜಯಂತಿ" ಆಚರಣೆ ಕುರಿತ ಪೂರ್ವಭಾವಿ ಸಭೆಯಲ್ಲಿ ಮಾತನಾಡಿದ ಅವರು, ಸರ್ಕಾರದ ಆದೇಶದಂತೆ ಜಯಂತಿಯನ್ನು ಅರ್ಥಪೂರ್ಣವಾಗಿ ಆಚರಿಸಲು ಎಲ್ಲಾ ಇಲಾಖೆಗಳು ಸಹಕರಿಸಬೇಕು. ಕಾರ್ಯಕ್ರಮದಲ್ಲಿ ಆಹ್ವಾನ ಪತ್ರಿಕೆ ಮುದ್ರಣ, ವೇದಿಕೆ ವ್ಯವಸ್ಥೆ, ಸ್ವಚ್ಛತೆ, ಕುಡಿಯುವ ನೀರು ವ್ಯವಸ್ಥೆ ಮಾಡಬೇಕು. ಅರಮನೆ ಆವರಣದಿಂದ ಕಲಾಮಂದಿರದವರೆಗೆ ಕನಕದಾಸರ ಭಾವಚಿತ್ರ ಮೆರವಣಿಗೆ ನಡೆಯಲಿದೆ. ಮೆರವಣಿಗೆಯಲ್ಲಿ ವಿವಿಧ ಕಲಾತಂಡಗಳು ಭಾಗವಹಿಸಲಿವೆ. ನವೆಂಬರ್ 19 ರಂದು ಕನಕದಾಸರ ಕುರಿತು ವಿಚಾರ ಸಂಕಿರಣ ಆಯೋಜಿಸಲಾಗಿದೆ. ಶಾಲಾ ಕಾಲೇಜು ವಿದ್ಯಾರ್ಥಿಗಳಿಗೆ ಕನಕದಾಸರ ಕೀರ್ತನೆಗಳ ಗಾಯನ ಸ್ಪರ್ಧೆ, ಪ್ರಬಂಧ ಸ್ಪರ್ಧೆ ಆಯೋಜಿಸಲಾಗುವುದು. ಸಭೆಯಲ್ಲಿ ಅಪರ ಜಿಲ್ಲಾಧಿಕಾರಿ ಡಾ. ಪಿ. ಶಿವರಾಜು, ಕನ್ನಡ ಮತ್ತು ಸಂಸ್ಕೃತಿ ಇಲಾಖೆಯ ಸಹಾಯಕ ನಿರ್ದೇಶಕ ಎಂ.ಡಿ. ಸುದರ್ಶನ್, ಸಮುದಾಯದ ಮುಖಂಡರು ಹಾಗೂ ವಿವಿಧ ಇಲಾಖೆಗಳ ಅಧಿಕಾರಿಗಳು ಉಪಸ್ಥಿತರಿದ್ದರು.
ನವೆಂಬರ್ 18 ರಂದು ಮಧ್ಯಾಹ್ನ 12.30 ಗಂಟೆಗೆ ಕಲಾಮಂದಿರದಲ್ಲಿ "ಸಂತ ಕವಿ ಶ್ರೀ ಕನಕದಾಸ ಜಯಂತಿ" ಯನ್ನು ಆಚರಿಸಲಾಗುವುದು ಎಂದು ಜಿಲ್ಲಾಧಿಕಾರಿ ಡಾ. ಕೆ.ವಿ. ರಾಜೇಂದ್ರ ಅವರು ತಿಳಿಸಿದರು. ಇಂದು ಜಿಲ್ಲಾಧಿಕಾರಿಗಳ ಕಚೇರಿಯ ಸಭಾಂಗಣದಲ್ಲಿ ನಡೆದ "ಸಂತ ಕವಿ ಶ್ರೀ ಕನಕದಾಸ ಜಯಂತಿ" ಆಚರಣೆ ಕುರಿತ ಪೂರ್ವಭಾವಿ ಸಭೆಯಲ್ಲಿ ಮಾತನಾಡಿದ ಅವರು, ಸರ್ಕಾರದ ಆದೇಶದಂತೆ ಜಯಂತಿಯನ್ನು ಅರ್ಥಪೂರ್ಣವಾಗಿ ಆಚರಿಸಲು ಎಲ್ಲಾ ಇಲಾಖೆಗಳು ಸಹಕರಿಸಬೇಕು. ಕಾರ್ಯಕ್ರಮದಲ್ಲಿ ಆಹ್ವಾನ ಪತ್ರಿಕೆ ಮುದ್ರಣ, ವೇದಿಕೆ ವ್ಯವಸ್ಥೆ, ಸ್ವಚ್ಛತೆ, ಕುಡಿಯುವ ನೀರು ವ್ಯವಸ್ಥೆ ಮಾಡಬೇಕು. ಅರಮನೆ ಆವರಣದಿಂದ ಕಲಾಮಂದಿರದವರೆಗೆ ಕನಕದಾಸರ ಭಾವಚಿತ್ರ ಮೆರವಣಿಗೆ ನಡೆಯಲಿದೆ. ಮೆರವಣಿಗೆಯಲ್ಲಿ ವಿವಿಧ ಕಲಾತಂಡಗಳು ಭಾಗವಹಿಸಲಿವೆ. ನವೆಂಬರ್ 19 ರಂದು ಕನಕದಾಸರ ಕುರಿತು ವಿಚಾರ ಸಂಕಿರಣ ಆಯೋಜಿಸಲಾಗಿದೆ. ಶಾಲಾ ಕಾಲೇಜು ವಿದ್ಯಾರ್ಥಿಗಳಿಗೆ ಕನಕದಾಸರ ಕೀರ್ತನೆಗಳ ಗಾಯನ ಸ್ಪರ್ಧೆ, ಪ್ರಬಂಧ ಸ್ಪರ್ಧೆ ಆಯೋಜಿಸಲಾಗುವುದು. ಸಭೆಯಲ್ಲಿ ಅಪರ ಜಿಲ್ಲಾಧಿಕಾರಿ ಡಾ. ಪಿ. ಶಿವರಾಜು, ಕನ್ನಡ ಮತ್ತು ಸಂಸ್ಕೃತಿ ಇಲಾಖೆಯ ಸಹಾಯಕ ನಿರ್ದೇಶಕ ಎಂ.ಡಿ. ಸುದರ್ಶನ್, ಸಮುದಾಯದ ಮುಖಂಡರು ಹಾಗೂ ವಿವಿಧ ಇಲಾಖೆಗಳ ಅಧಿಕಾರಿಗಳು ಉಪಸ್ಥಿತರಿದ್ದರು.
